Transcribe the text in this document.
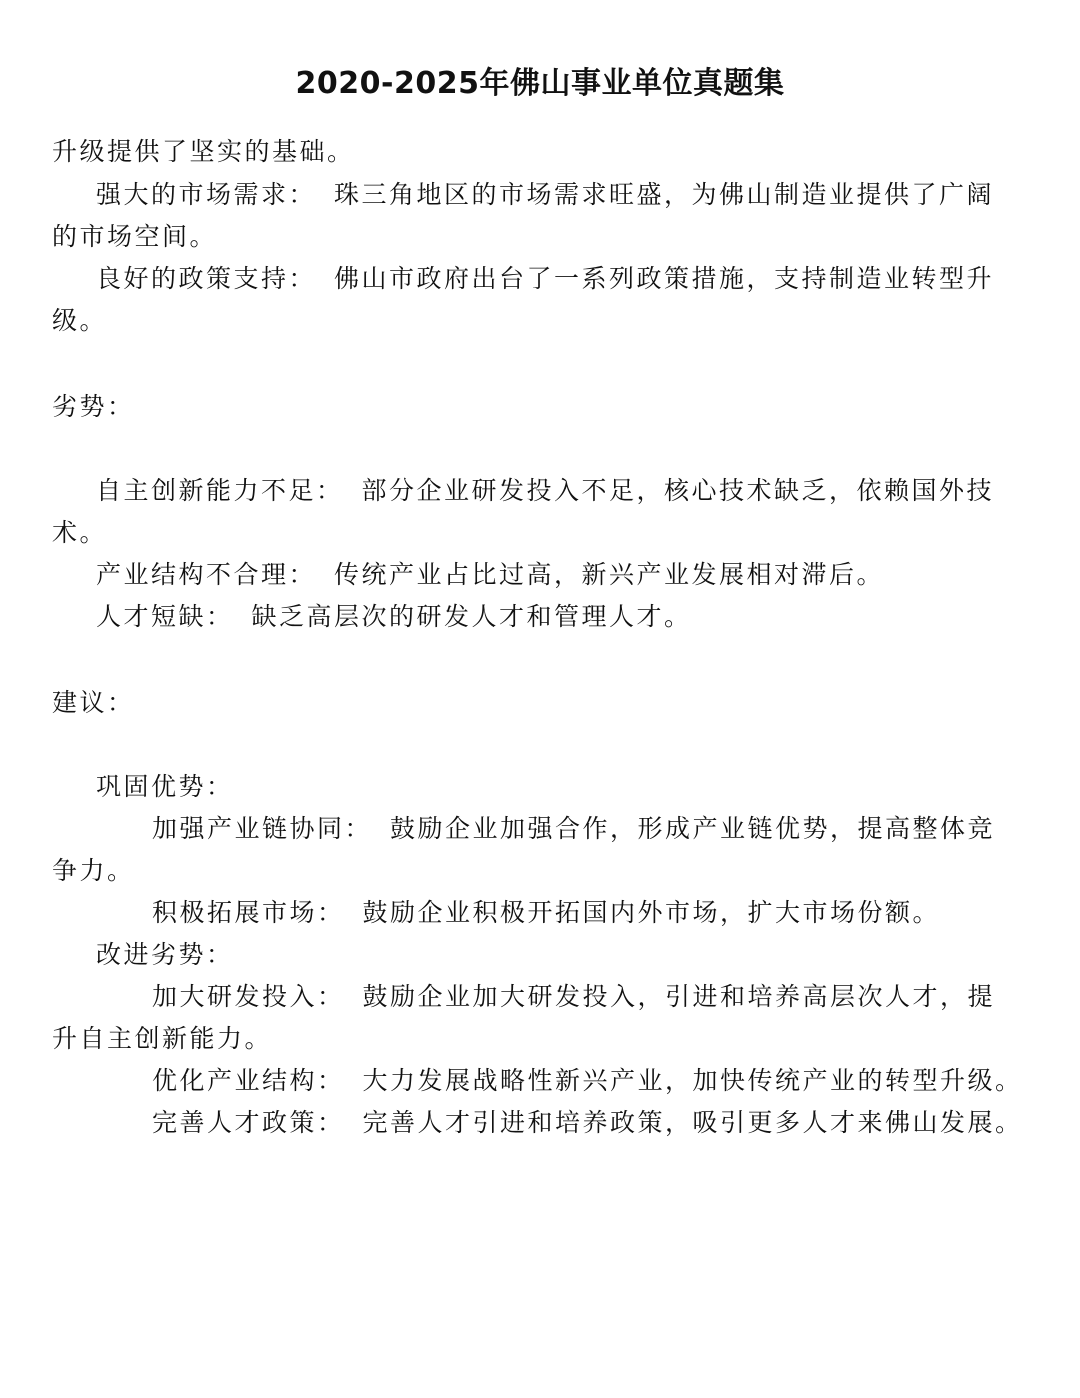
2020-2025年佛山事业单位真题集
升级提供了坚实的基础。
强大的市场需求： 珠三角地区的市场需求旺盛，为佛山制造业提供了广阔
的市场空间。
良好的政策支持： 佛山市政府出台了一系列政策措施，支持制造业转型升
级。
劣势：
自主创新能力不足： 部分企业研发投入不足，核心技术缺乏，依赖国外技
术。
产业结构不合理： 传统产业占比过高，新兴产业发展相对滞后。
人才短缺： 缺乏高层次的研发人才和管理人才。
建议：
巩固优势：
加强产业链协同： 鼓励企业加强合作，形成产业链优势，提高整体竞
争力。
积极拓展市场： 鼓励企业积极开拓国内外市场，扩大市场份额。
改进劣势：
加大研发投入： 鼓励企业加大研发投入，引进和培养高层次人才，提
升自主创新能力。
优化产业结构： 大力发展战略性新兴产业，加快传统产业的转型升级。
完善人才政策： 完善人才引进和培养政策，吸引更多人才来佛山发展。
